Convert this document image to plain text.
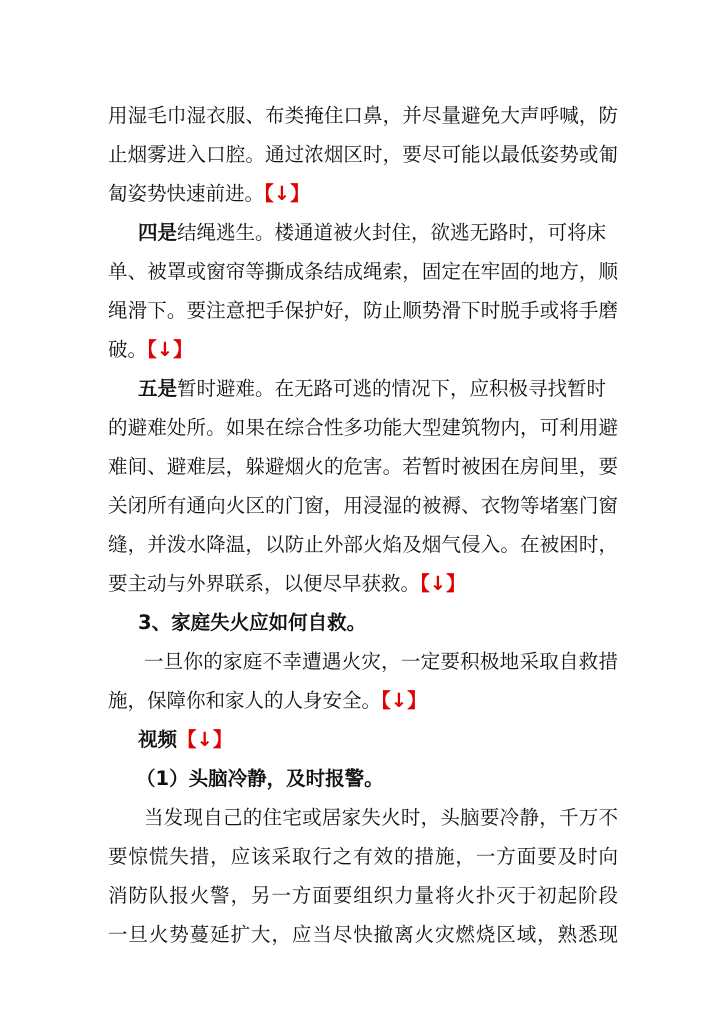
用湿毛巾湿衣服、布类掩住口鼻，并尽量避免大声呼喊，防
止烟雾进入口腔。通过浓烟区时，要尽可能以最低姿势或匍
匐姿势快速前进。【↓】
四是结绳逃生。楼通道被火封住，欲逃无路时，可将床
单、被罩或窗帘等撕成条结成绳索，固定在牢固的地方，顺
绳滑下。要注意把手保护好，防止顺势滑下时脱手或将手磨
破。【↓】
五是暂时避难。在无路可逃的情况下，应积极寻找暂时
的避难处所。如果在综合性多功能大型建筑物内，可利用避
难间、避难层，躲避烟火的危害。若暂时被困在房间里，要
关闭所有通向火区的门窗，用浸湿的被褥、衣物等堵塞门窗
缝，并泼水降温，以防止外部火焰及烟气侵入。在被困时，
要主动与外界联系，以便尽早获救。【↓】
3、家庭失火应如何自救。
一旦你的家庭不幸遭遇火灾，一定要积极地采取自救措
施，保障你和家人的人身安全。【↓】
视频【↓】
（1）头脑冷静，及时报警。
当发现自己的住宅或居家失火时，头脑要冷静，千万不
要惊慌失措，应该采取行之有效的措施，一方面要及时向
消防队报火警，另一方面要组织力量将火扑灭于初起阶段
一旦火势蔓延扩大，应当尽快撤离火灾燃烧区域，熟悉现
